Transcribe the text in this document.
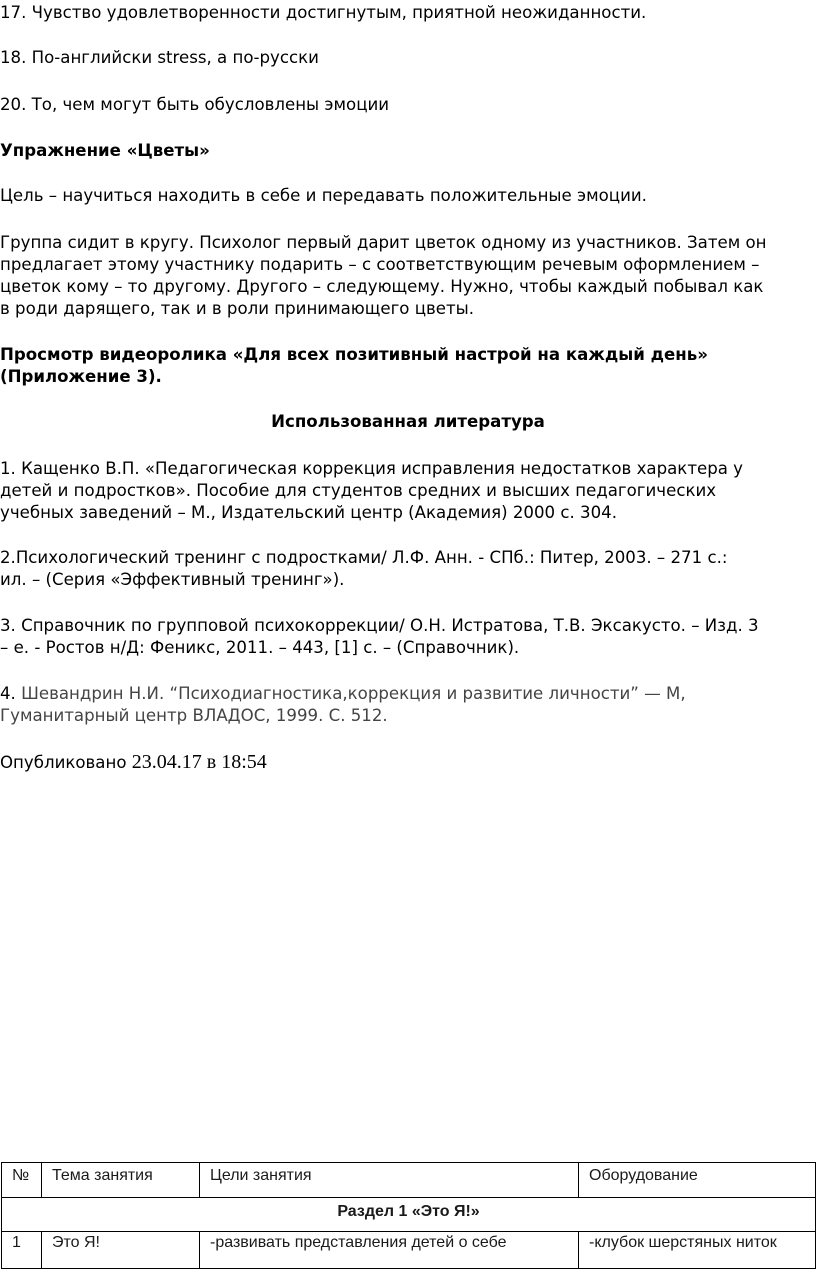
17. Чувство удовлетворенности достигнутым, приятной неожиданности.

18. По-английски stress, а по-русски

20. То, чем могут быть обусловлены эмоции

Упражнение «Цветы»

Цель – научиться находить в себе и передавать положительные эмоции.

Группа сидит в кругу. Психолог первый дарит цветок одному из участников. Затем он

предлагает этому участнику подарить – с соответствующим речевым оформлением –

цветок кому – то другому. Другого – следующему. Нужно, чтобы каждый побывал как

в роди дарящего, так и в роли принимающего цветы.

Просмотр видеоролика «Для всех позитивный настрой на каждый день»

(Приложение 3).

Использованная литература

1. Кащенко В.П. «Педагогическая коррекция исправления недостатков характера у

детей и подростков». Пособие для студентов средних и высших педагогических

учебных заведений – М., Издательский центр (Академия) 2000 с. 304.

2.Психологический тренинг с подростками/ Л.Ф. Анн. - СПб.: Питер, 2003. – 271 с.:

ил. – (Серия «Эффективный тренинг»).

3. Справочник по групповой психокоррекции/ О.Н. Истратова, Т.В. Эксакусто. – Изд. 3

– е. - Ростов н/Д: Феникс, 2011. – 443, [1] с. – (Справочник).

4. Шевандрин Н.И. “Психодиагностика,коррекция и развитие личности” — М,

Гуманитарный центр ВЛАДОС, 1999. С. 512.

Опубликовано 23.04.17 в 18:54

№	Тема занятия	Цели занятия	Оборудование
Раздел 1 «Это Я!»			
1	Это Я!	-развивать представления детей о себе	-клубок шерстяных ниток
